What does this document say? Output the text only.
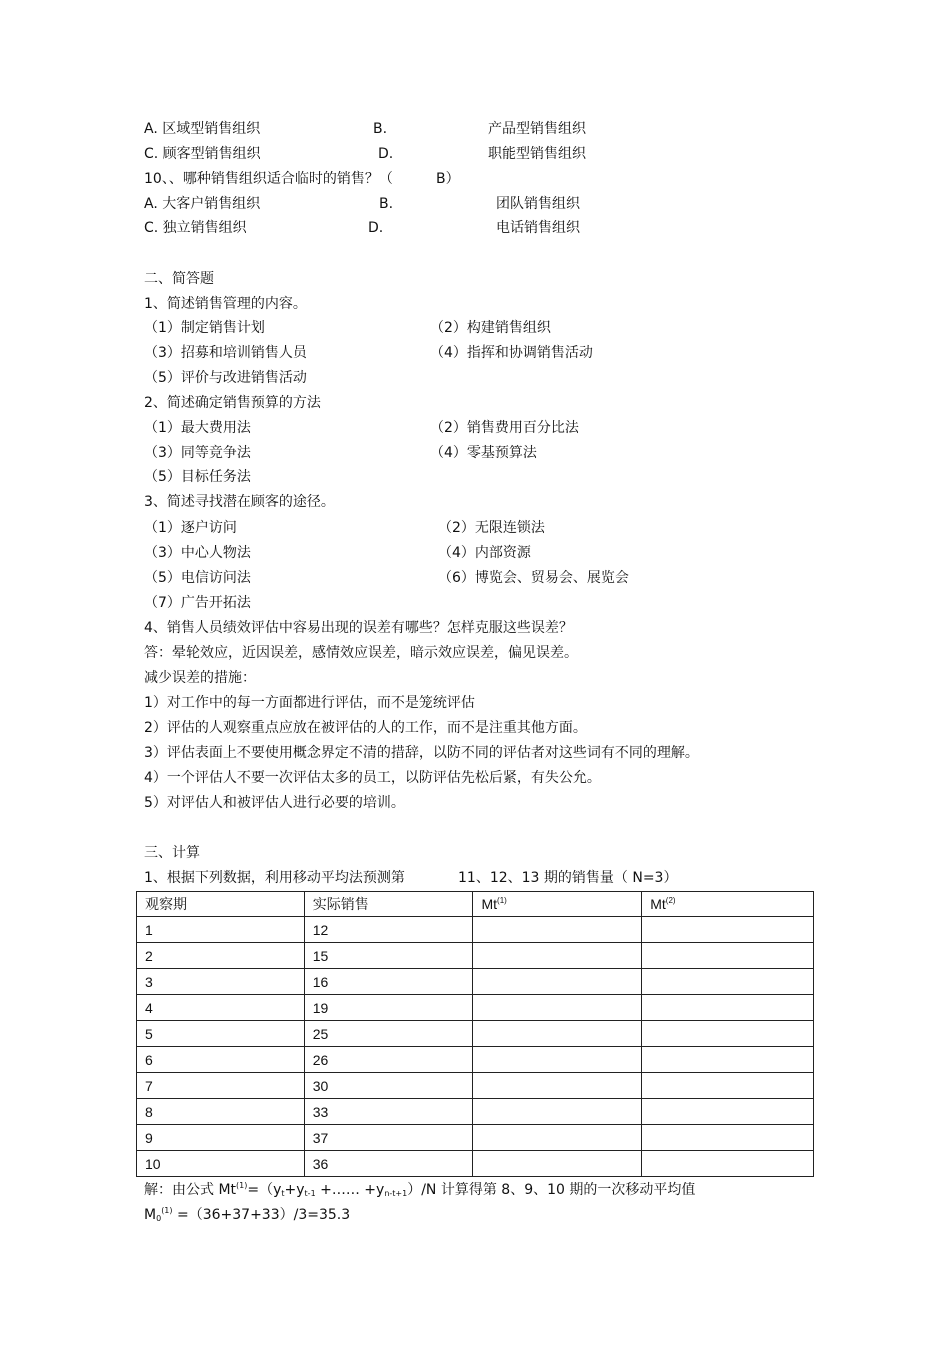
A. 区域型销售组织	B.	产品型销售组织
C. 顾客型销售组织	D.	职能型销售组织
10、、哪种销售组织适合临时的销售？（	B）
A. 大客户销售组织	B.	团队销售组织
C. 独立销售组织	D.	电话销售组织
二、简答题
1、简述销售管理的内容。
（1）制定销售计划	（2）构建销售组织
（3）招募和培训销售人员	（4）指挥和协调销售活动
（5）评价与改进销售活动
2、简述确定销售预算的方法
（1）最大费用法	（2）销售费用百分比法
（3）同等竞争法	（4）零基预算法
（5）目标任务法
3、简述寻找潜在顾客的途径。
（1）逐户访问	（2）无限连锁法
（3）中心人物法	（4）内部资源
（5）电信访问法	（6）博览会、贸易会、展览会
（7）广告开拓法
4、销售人员绩效评估中容易出现的误差有哪些？怎样克服这些误差？
答：晕轮效应，近因误差，感情效应误差，暗示效应误差，偏见误差。
减少误差的措施：
1）对工作中的每一方面都进行评估，而不是笼统评估
2）评估的人观察重点应放在被评估的人的工作，而不是注重其他方面。
3）评估表面上不要使用概念界定不清的措辞，以防不同的评估者对这些词有不同的理解。
4）一个评估人不要一次评估太多的员工，以防评估先松后紧，有失公允。
5）对评估人和被评估人进行必要的培训。
三、计算
1、根据下列数据，利用移动平均法预测第	11、12、13 期的销售量（ N=3）
观察期	实际销售	Mt$^{(1)}$	Mt$^{(2)}$
1	12		
2	15		
3	16		
4	19		
5	25		
6	26		
7	30		
8	33		
9	37		
10	36		
解：由公式 $Mt^{(1)}=(y_t+y_{t-1}$ +…… $+y_{n-t+1})/N$ 计算得第 8、9、10 期的一次移动平均值
$M_0^{(1)} =(36+37+33)/3=35.3$
